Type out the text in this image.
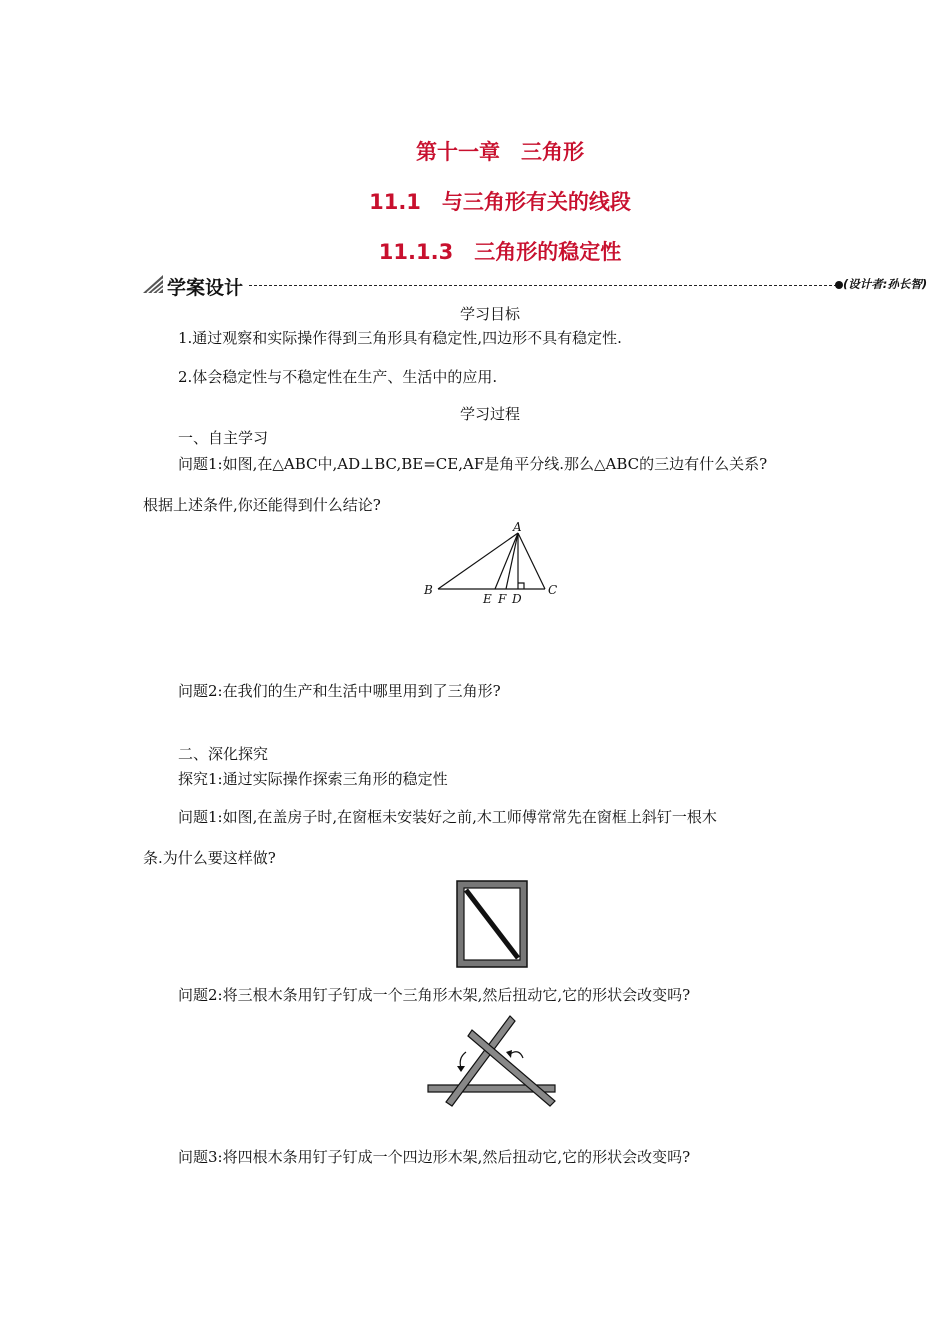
第十一章　三角形
11.1　与三角形有关的线段
11.1.3　三角形的稳定性
学案设计	(设计者:孙长智)
学习目标
1.通过观察和实际操作得到三角形具有稳定性,四边形不具有稳定性.
2.体会稳定性与不稳定性在生产、生活中的应用.
学习过程
一、自主学习
问题1:如图,在△ABC中,AD⊥BC,BE=CE,AF是角平分线.那么△ABC的三边有什么关系?
根据上述条件,你还能得到什么结论?
A
B	C
E F D
问题2:在我们的生产和生活中哪里用到了三角形?
二、深化探究
探究1:通过实际操作探索三角形的稳定性
问题1:如图,在盖房子时,在窗框未安装好之前,木工师傅常常先在窗框上斜钉一根木
条.为什么要这样做?
问题2:将三根木条用钉子钉成一个三角形木架,然后扭动它,它的形状会改变吗?
问题3:将四根木条用钉子钉成一个四边形木架,然后扭动它,它的形状会改变吗?
